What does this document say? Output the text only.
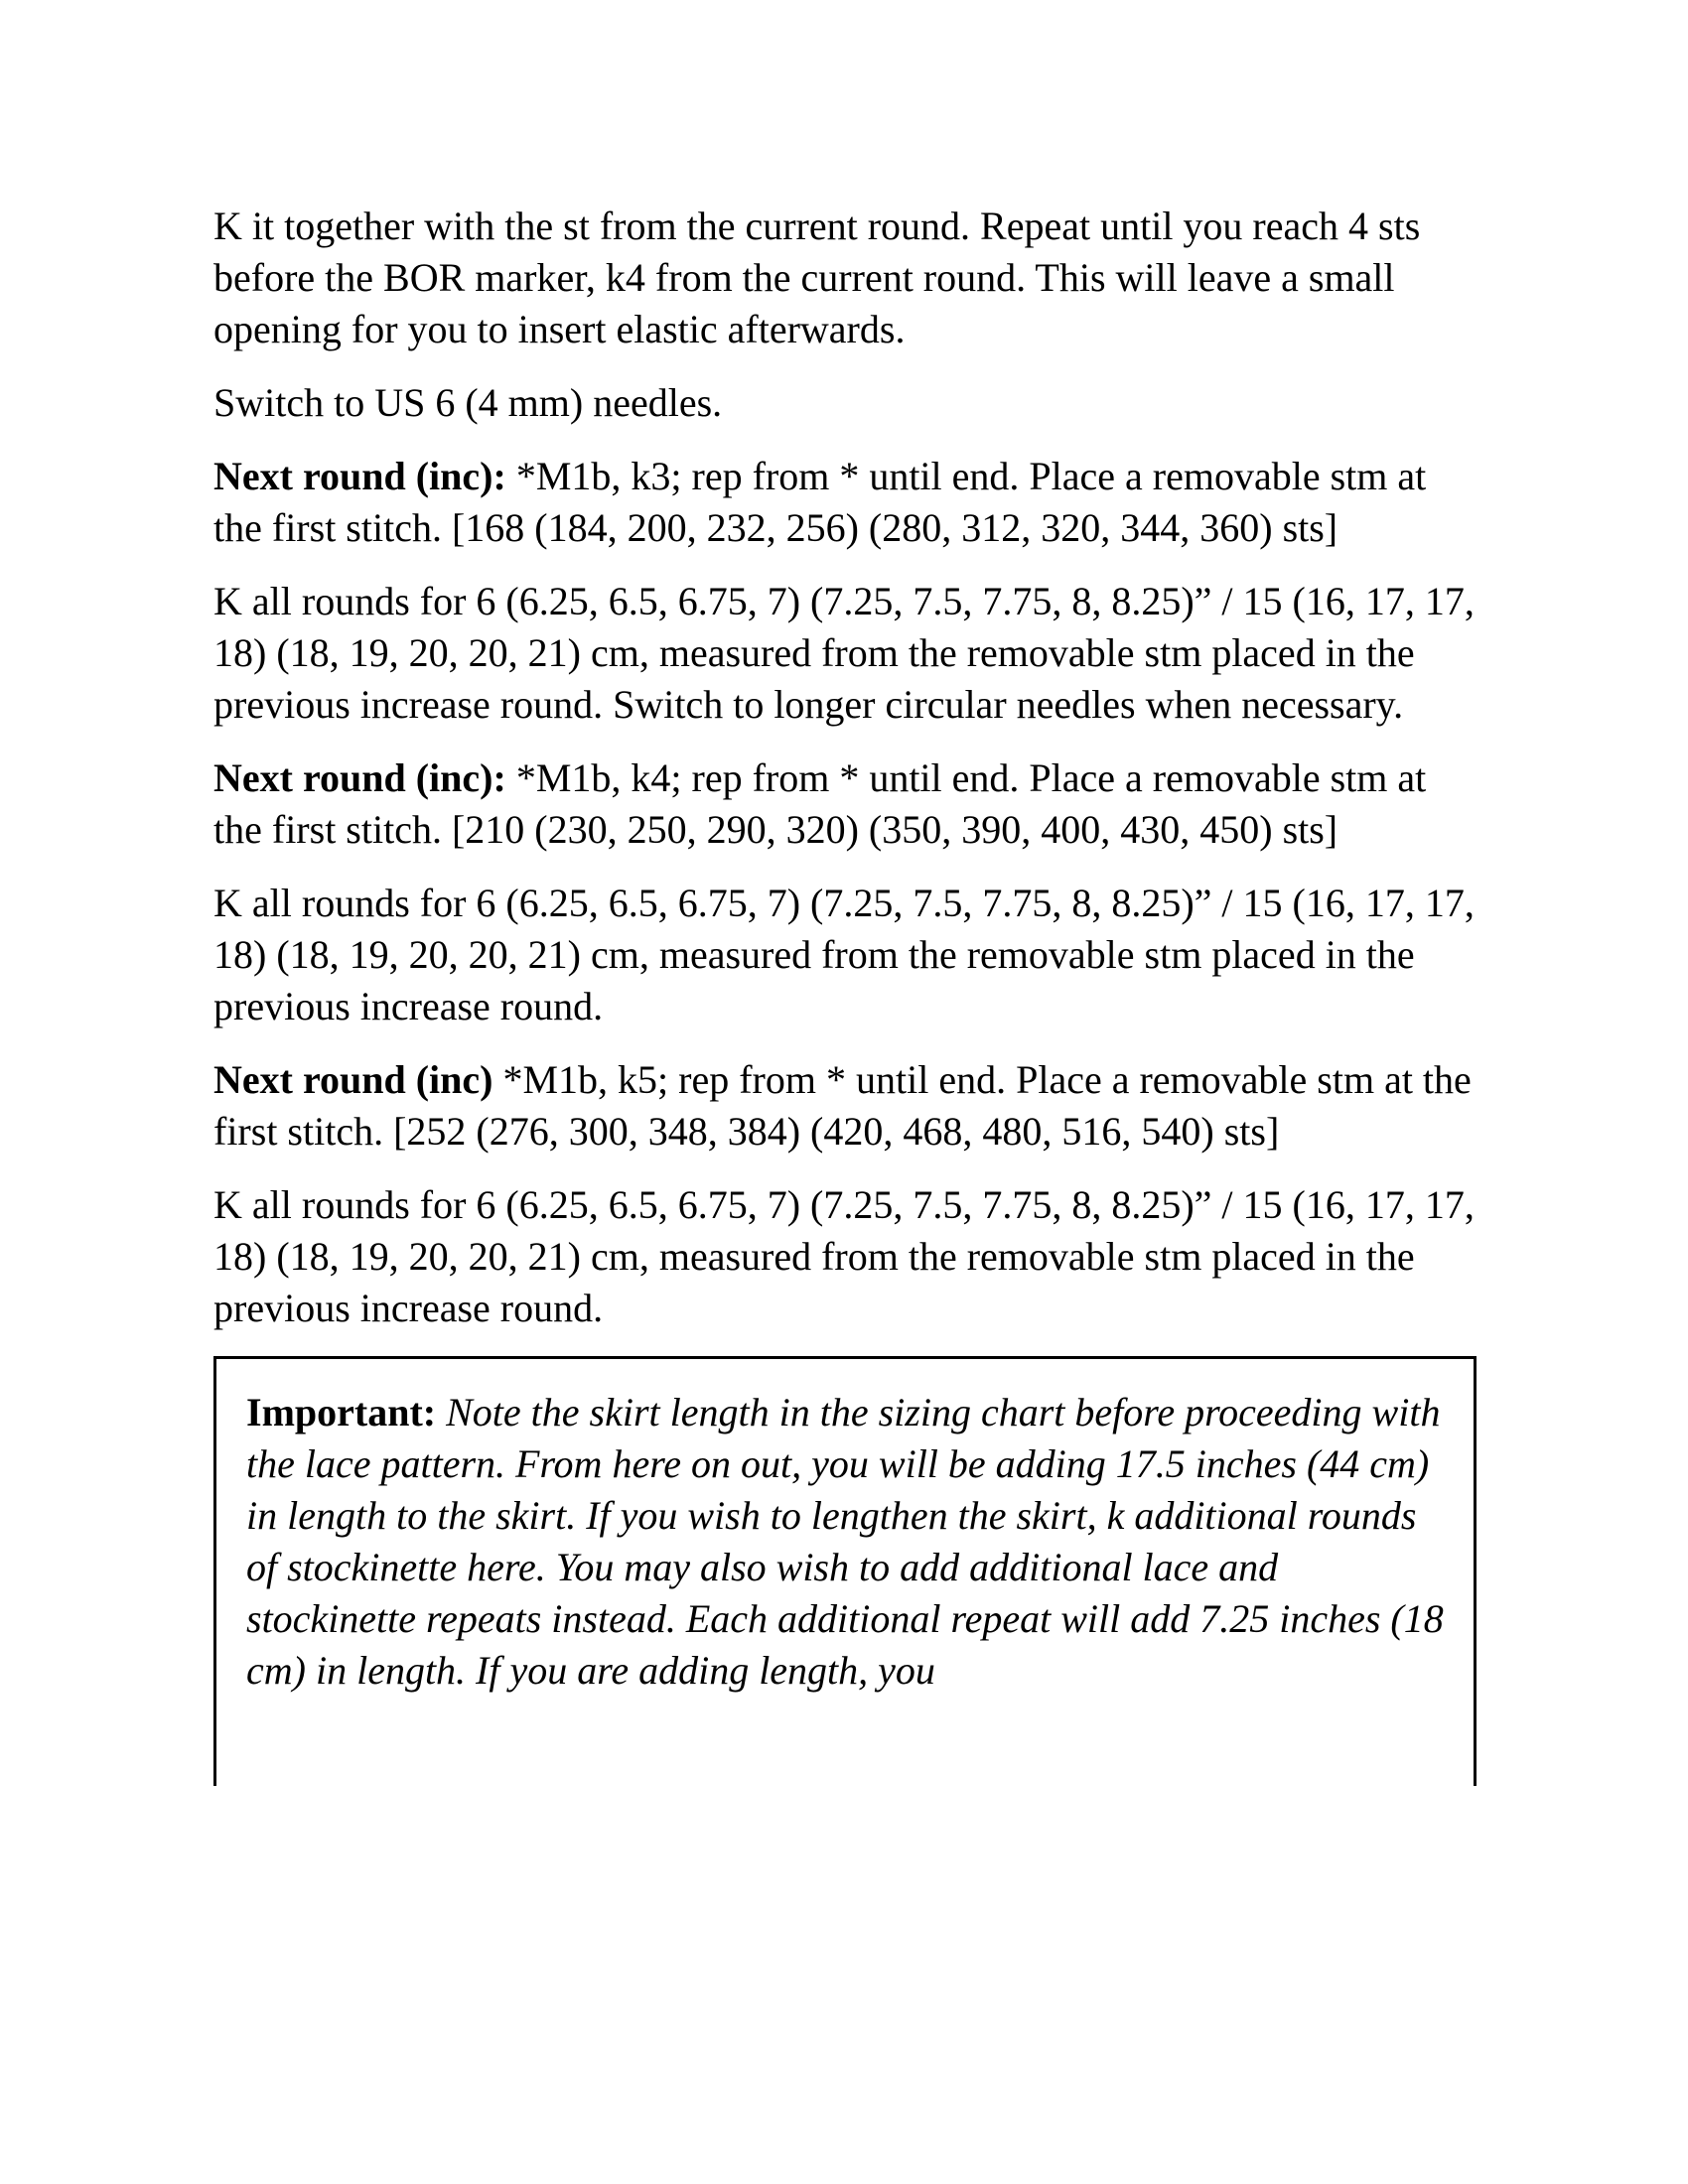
K it together with the st from the current round. Repeat until you reach 4 sts before the BOR marker, k4 from the current round. This will leave a small opening for you to insert elastic afterwards.

Switch to US 6 (4 mm) needles.

Next round (inc): *M1b, k3; rep from * until end. Place a removable stm at the first stitch. [168 (184, 200, 232, 256) (280, 312, 320, 344, 360) sts]

K all rounds for 6 (6.25, 6.5, 6.75, 7) (7.25, 7.5, 7.75, 8, 8.25)” / 15 (16, 17, 17, 18) (18, 19, 20, 20, 21) cm, measured from the removable stm placed in the previous increase round. Switch to longer circular needles when necessary.

Next round (inc): *M1b, k4; rep from * until end. Place a removable stm at the first stitch. [210 (230, 250, 290, 320) (350, 390, 400, 430, 450) sts]

K all rounds for 6 (6.25, 6.5, 6.75, 7) (7.25, 7.5, 7.75, 8, 8.25)” / 15 (16, 17, 17, 18) (18, 19, 20, 20, 21) cm, measured from the removable stm placed in the previous increase round.

Next round (inc) *M1b, k5; rep from * until end. Place a removable stm at the first stitch. [252 (276, 300, 348, 384) (420, 468, 480, 516, 540) sts]

K all rounds for 6 (6.25, 6.5, 6.75, 7) (7.25, 7.5, 7.75, 8, 8.25)” / 15 (16, 17, 17, 18) (18, 19, 20, 20, 21) cm, measured from the removable stm placed in the previous increase round.

Important: Note the skirt length in the sizing chart before proceeding with the lace pattern. From here on out, you will be adding 17.5 inches (44 cm) in length to the skirt. If you wish to lengthen the skirt, k additional rounds of stockinette here. You may also wish to add additional lace and stockinette repeats instead. Each additional repeat will add 7.25 inches (18 cm) in length. If you are adding length, you
